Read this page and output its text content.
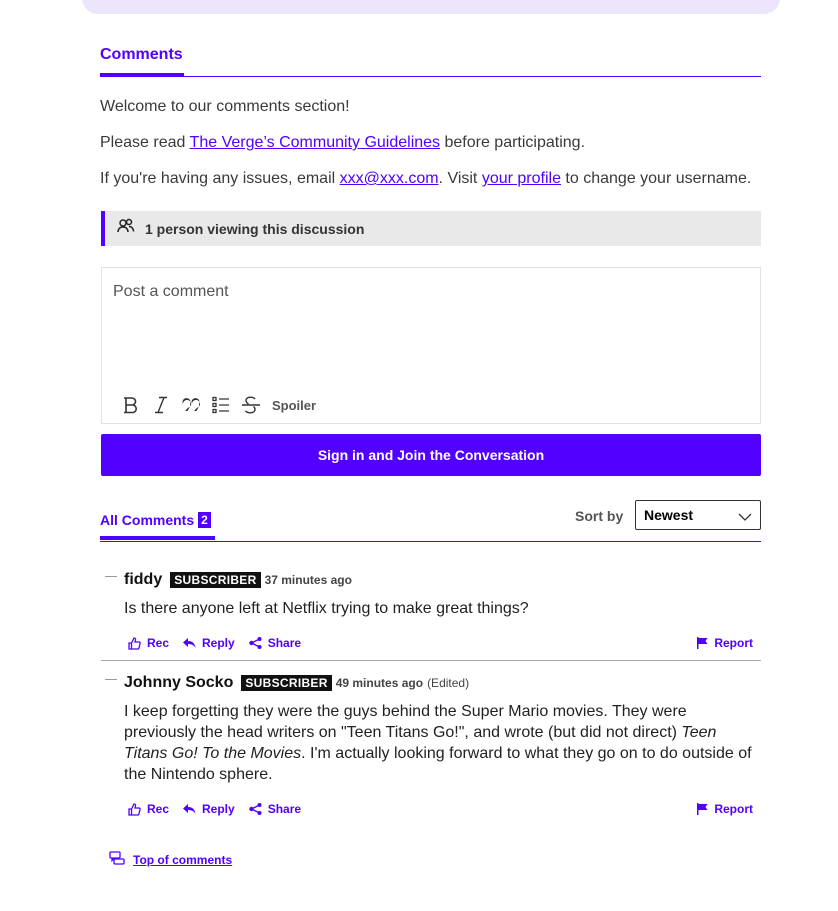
Comments

Welcome to our comments section!

Please read The Verge’s Community Guidelines before participating.

If you're having any issues, email xxx@xxx.com. Visit your profile to change your username.

1 person viewing this discussion
Post a comment
Spoiler
Sign in and Join the Conversation
All Comments 2	Sort by	Newest
fiddy	SUBSCRIBER 37 minutes ago
Is there anyone left at Netflix trying to make great things?
Rec	Reply	Share	Report
Johnny Socko	SUBSCRIBER 49 minutes ago (Edited)
I keep forgetting they were the guys behind the Super Mario movies. They were previously the head writers on "Teen Titans Go!", and wrote (but did not direct) Teen Titans Go! To the Movies. I'm actually looking forward to what they go on to do outside of the Nintendo sphere.
Rec	Reply	Share	Report
Top of comments
